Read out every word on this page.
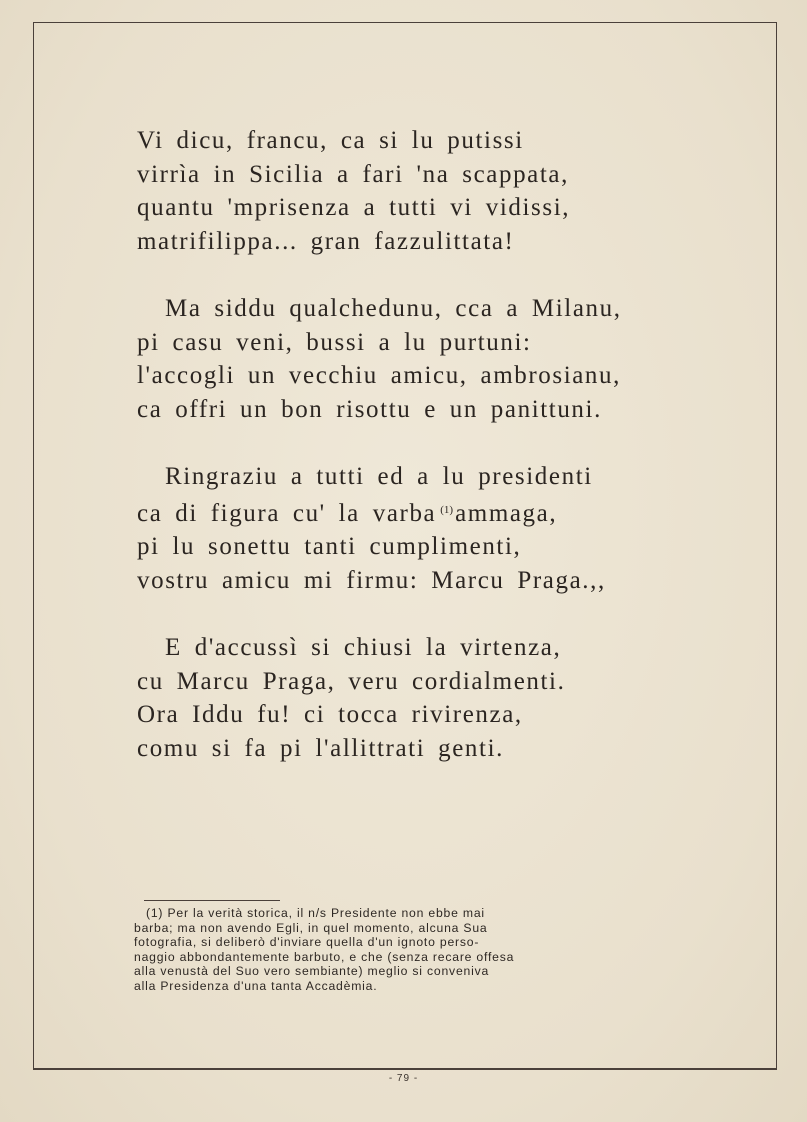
Vi dicu, francu, ca si lu putissi
virrìa in Sicilia a fari 'na scappata,
quantu 'mprisenza a tutti vi vidissi,
matrifilippa... gran fazzulittata!
Ma siddu qualchedunu, cca a Milanu,
pi casu veni, bussi a lu purtuni:
l'accogli un vecchiu amicu, ambrosianu,
ca offri un bon risottu e un panittuni.
Ringraziu a tutti ed a lu presidenti
ca di figura cu' la varba $^{(1)}$ammaga,
pi lu sonettu tanti cumplimenti,
vostru amicu mi firmu: Marcu Praga.,,
E d'accussì si chiusi la virtenza,
cu Marcu Praga, veru cordialmenti.
Ora Iddu fu! ci tocca rivirenza,
comu si fa pi l'allittrati genti.
(1) Per la verità storica, il n/s Presidente non ebbe mai
barba; ma non avendo Egli, in quel momento, alcuna Sua
fotografia, si deliberò d'inviare quella d'un ignoto perso-
naggio abbondantemente barbuto, e che (senza recare offesa
alla venustà del Suo vero sembiante) meglio si conveniva
alla Presidenza d'una tanta Accadèmia.
- 79 -
